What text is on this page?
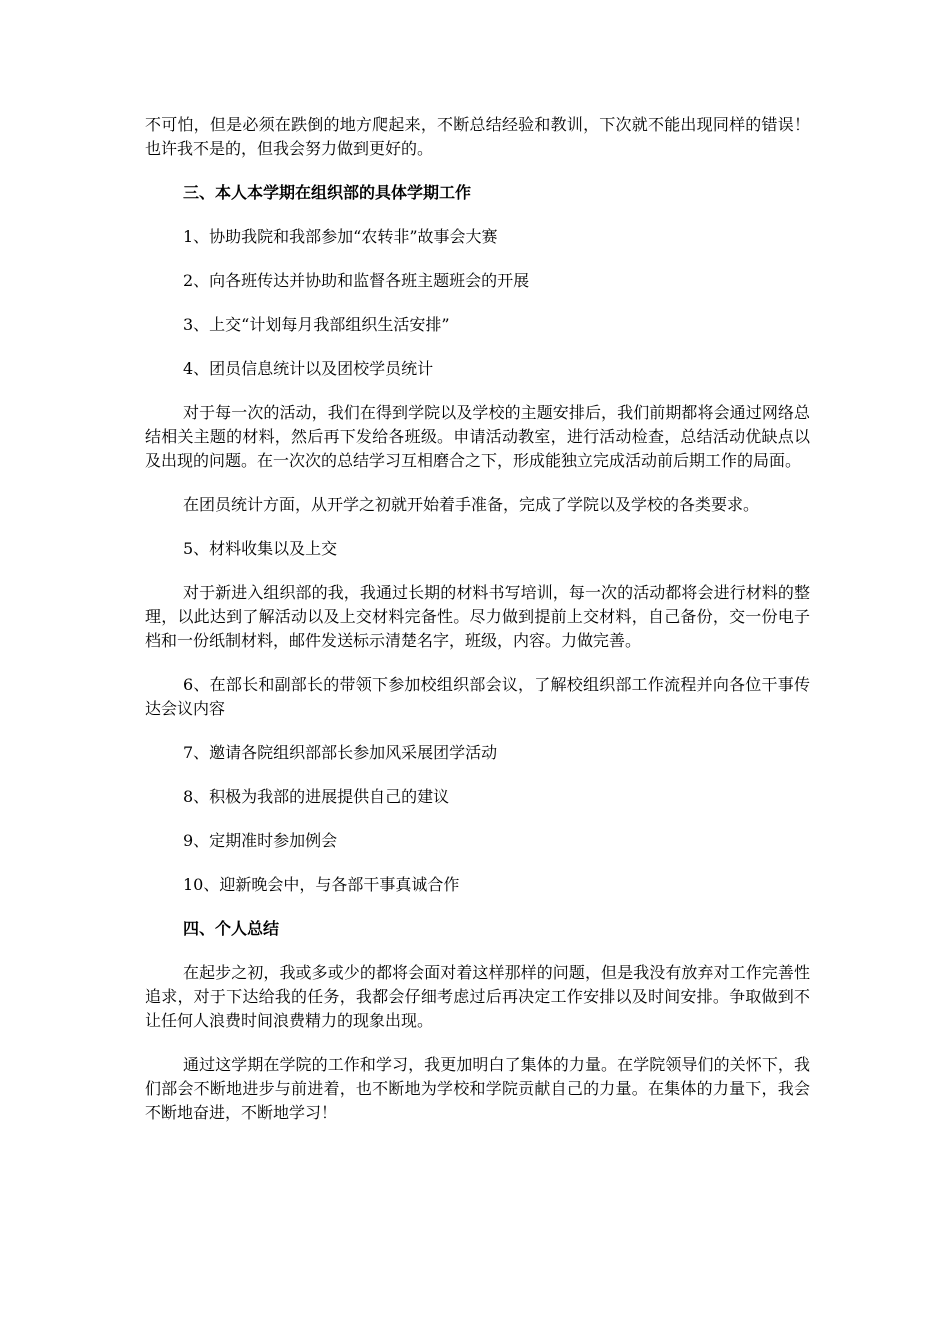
不可怕，但是必须在跌倒的地方爬起来，不断总结经验和教训，下次就不能出现同样的错误！也许我不是的，但我会努力做到更好的。

三、本人本学期在组织部的具体学期工作

1、协助我院和我部参加“农转非”故事会大赛

2、向各班传达并协助和监督各班主题班会的开展

3、上交“计划每月我部组织生活安排”

4、团员信息统计以及团校学员统计

对于每一次的活动，我们在得到学院以及学校的主题安排后，我们前期都将会通过网络总结相关主题的材料，然后再下发给各班级。申请活动教室，进行活动检查，总结活动优缺点以及出现的问题。在一次次的总结学习互相磨合之下，形成能独立完成活动前后期工作的局面。

在团员统计方面，从开学之初就开始着手准备，完成了学院以及学校的各类要求。

5、材料收集以及上交

对于新进入组织部的我，我通过长期的材料书写培训，每一次的活动都将会进行材料的整理，以此达到了解活动以及上交材料完备性。尽力做到提前上交材料，自己备份，交一份电子档和一份纸制材料，邮件发送标示清楚名字，班级，内容。力做完善。

6、在部长和副部长的带领下参加校组织部会议，了解校组织部工作流程并向各位干事传达会议内容

7、邀请各院组织部部长参加风采展团学活动

8、积极为我部的进展提供自己的建议

9、定期准时参加例会

10、迎新晚会中，与各部干事真诚合作

四、个人总结

在起步之初，我或多或少的都将会面对着这样那样的问题，但是我没有放弃对工作完善性追求，对于下达给我的任务，我都会仔细考虑过后再决定工作安排以及时间安排。争取做到不让任何人浪费时间浪费精力的现象出现。

通过这学期在学院的工作和学习，我更加明白了集体的力量。在学院领导们的关怀下，我们部会不断地进步与前进着，也不断地为学校和学院贡献自己的力量。在集体的力量下，我会不断地奋进，不断地学习！
